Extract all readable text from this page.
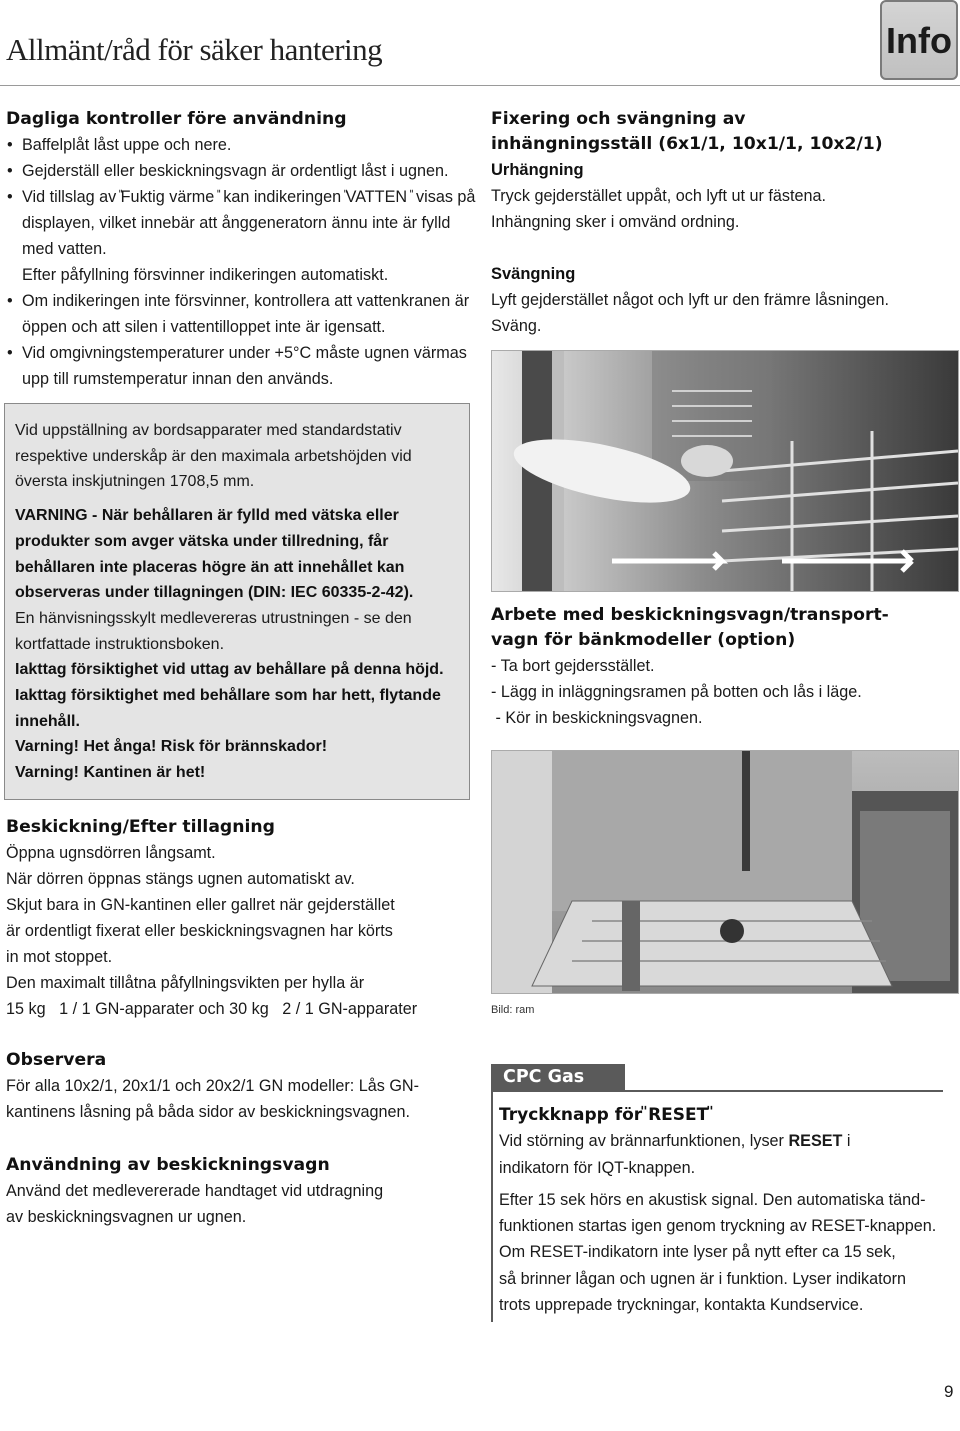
Allmänt/råd för säker hantering	Info
Dagliga kontroller före användning
• Baffelplåt låst uppe och nere.
• Gejderställ eller beskickningsvagn är ordentligt låst i ugnen.
• Vid tillslag av ̎Fuktig värme ̎ kan indikeringen ̎VATTEN ̎ visas på displayen, vilket innebär att ånggeneratorn ännu inte är fylld med vatten.
Efter påfyllning försvinner indikeringen automatiskt.
• Om indikeringen inte försvinner, kontrollera att vattenkranen är öppen och att silen i vattentilloppet inte är igensatt.
• Vid omgivningstemperaturer under +5°C måste ugnen värmas upp till rumstemperatur innan den används.

Vid uppställning av bordsapparater med standardstativ respektive underskåp är den maximala arbetshöjden vid översta inskjutningen 1708,5 mm.

VARNING - När behållaren är fylld med vätska eller produkter som avger vätska under tillredning, får behållaren inte placeras högre än att innehållet kan observeras under tillagningen (DIN: IEC 60335-2-42).

En hänvisningsskylt medlevereras utrustningen - se den kortfattade instruktionsboken.

Iakttag försiktighet vid uttag av behållare på denna höjd. Iakttag försiktighet med behållare som har hett, flytande innehåll.

Varning! Het ånga! Risk för brännskador!

Varning! Kantinen är het!

Beskickning/Efter tillagning
Öppna ugnsdörren långsamt.
När dörren öppnas stängs ugnen automatiskt av.
Skjut bara in GN-kantinen eller gallret när gejderstället
är ordentligt fixerat eller beskickningsvagnen har körts
in mot stoppet.
Den maximalt tillåtna påfyllningsvikten per hylla är
15 kg   1 / 1 GN-apparater och 30 kg   2 / 1 GN-apparater
Observera

För alla 10x2/1, 20x1/1 och 20x2/1 GN modeller: Lås GN-kantinens låsning på båda sidor av beskickningsvagnen.

Användning av beskickningsvagn
Använd det medlevererade handtaget vid utdragning
av beskickningsvagnen ur ugnen.
Fixering och svängning av
inhängningsställ (6x1/1, 10x1/1, 10x2/1)
Urhängning
Tryck gejderstället uppåt, och lyft ut ur fästena.
Inhängning sker i omvänd ordning.
Svängning
Lyft gejderstället något och lyft ur den främre låsningen.
Sväng.
Arbete med beskickningsvagn/transport-
vagn för bänkmodeller (option)
- Ta bort gejdersstället.
- Lägg in inläggningsramen på botten och lås i läge.
- Kör in beskickningsvagnen.
Bild: ram
CPC Gas
Tryckknapp för ̎RESET ̎
Vid störning av brännarfunktionen, lyser RESET i
indikatorn för IQT-knappen.
Efter 15 sek hörs en akustisk signal. Den automatiska tänd-
funktionen startas igen genom tryckning av RESET-knappen.
Om RESET-indikatorn inte lyser på nytt efter ca 15 sek,
så brinner lågan och ugnen är i funktion. Lyser indikatorn
trots upprepade tryckningar, kontakta Kundservice.
9
